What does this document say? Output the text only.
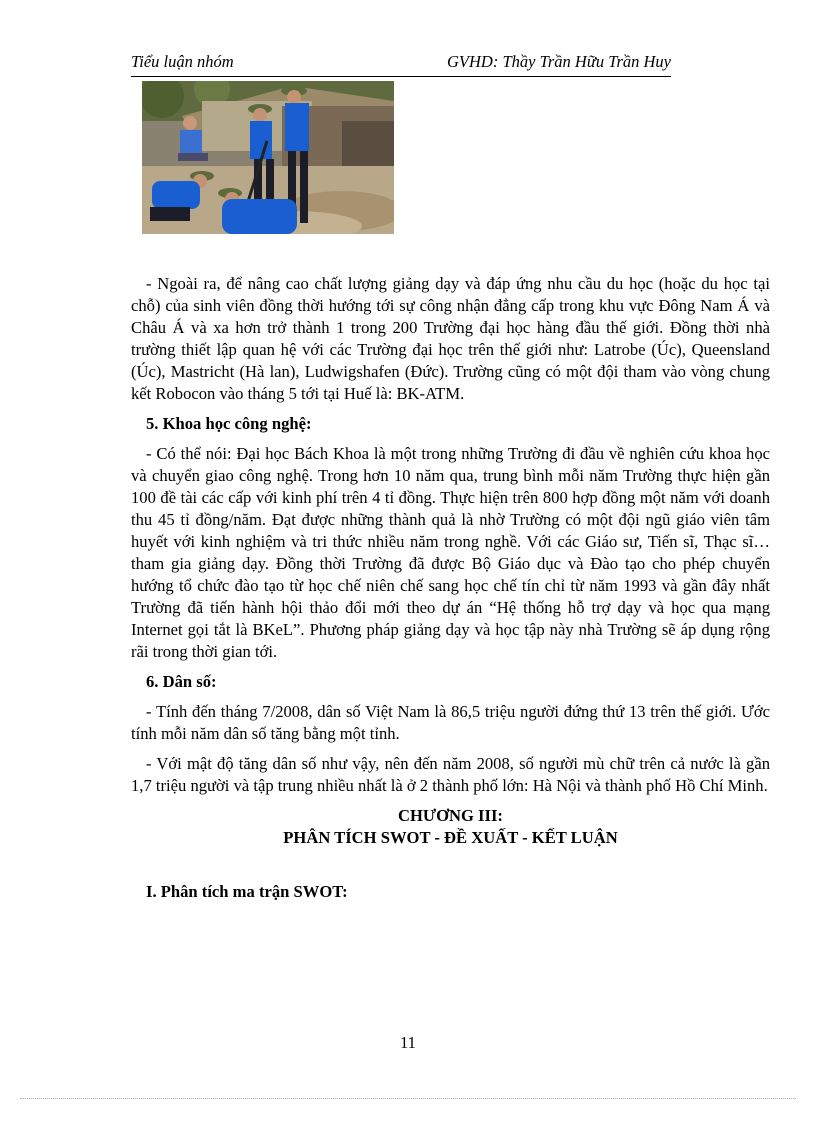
Tiểu luận nhóm	GVHD: Thầy Trần Hữu Trần Huy

- Ngoài ra, để nâng cao chất lượng giảng dạy và đáp ứng nhu cầu du học (hoặc du học tại chỗ) của sinh viên đồng thời hướng tới sự công nhận đẳng cấp trong khu vực Đông Nam Á và Châu Á và xa hơn trở thành 1 trong 200 Trường đại học hàng đầu thế giới. Đồng thời nhà trường thiết lập quan hệ với các Trường đại học trên thế giới như: Latrobe (Úc), Queensland (Úc), Mastricht (Hà lan), Ludwigshafen (Đức). Trường cũng có một đội tham vào vòng chung kết Robocon vào tháng 5 tới tại Huế là: BK-ATM.

5. Khoa học công nghệ:

- Có thể nói: Đại học Bách Khoa là một trong những Trường đi đầu về nghiên cứu khoa học và chuyển giao công nghệ. Trong hơn 10 năm qua, trung bình mỗi năm Trường thực hiện gần 100 đề tài các cấp với kinh phí trên 4 tỉ đồng. Thực hiện trên 800 hợp đồng một năm với doanh thu 45 tỉ đồng/năm. Đạt được những thành quả là nhờ Trường có một đội ngũ giáo viên tâm huyết với kinh nghiệm và tri thức nhiều năm trong nghề. Với các Giáo sư, Tiến sĩ, Thạc sĩ… tham gia giảng dạy. Đồng thời Trường đã được Bộ Giáo dục và Đào tạo cho phép chuyển hướng tổ chức đào tạo từ học chế niên chế sang học chế tín chỉ từ năm 1993 và gần đây nhất Trường đã tiến hành hội thảo đổi mới theo dự án “Hệ thống hỗ trợ dạy và học qua mạng Internet gọi tắt là BKeL”. Phương pháp giảng dạy và học tập này nhà Trường sẽ áp dụng rộng rãi trong thời gian tới.

6. Dân số:

- Tính đến tháng 7/2008, dân số Việt Nam là 86,5 triệu người đứng thứ 13 trên thế giới. Ước tính mỗi năm dân số tăng bằng một tỉnh.

- Với mật độ tăng dân số như vậy, nên đến năm 2008, số người mù chữ trên cả nước là gần 1,7 triệu người và tập trung nhiều nhất là ở 2 thành phố lớn: Hà Nội và thành phố Hồ Chí Minh.

CHƯƠNG III:
PHÂN TÍCH SWOT - ĐỀ XUẤT - KẾT LUẬN
I. Phân tích ma trận SWOT:
11
